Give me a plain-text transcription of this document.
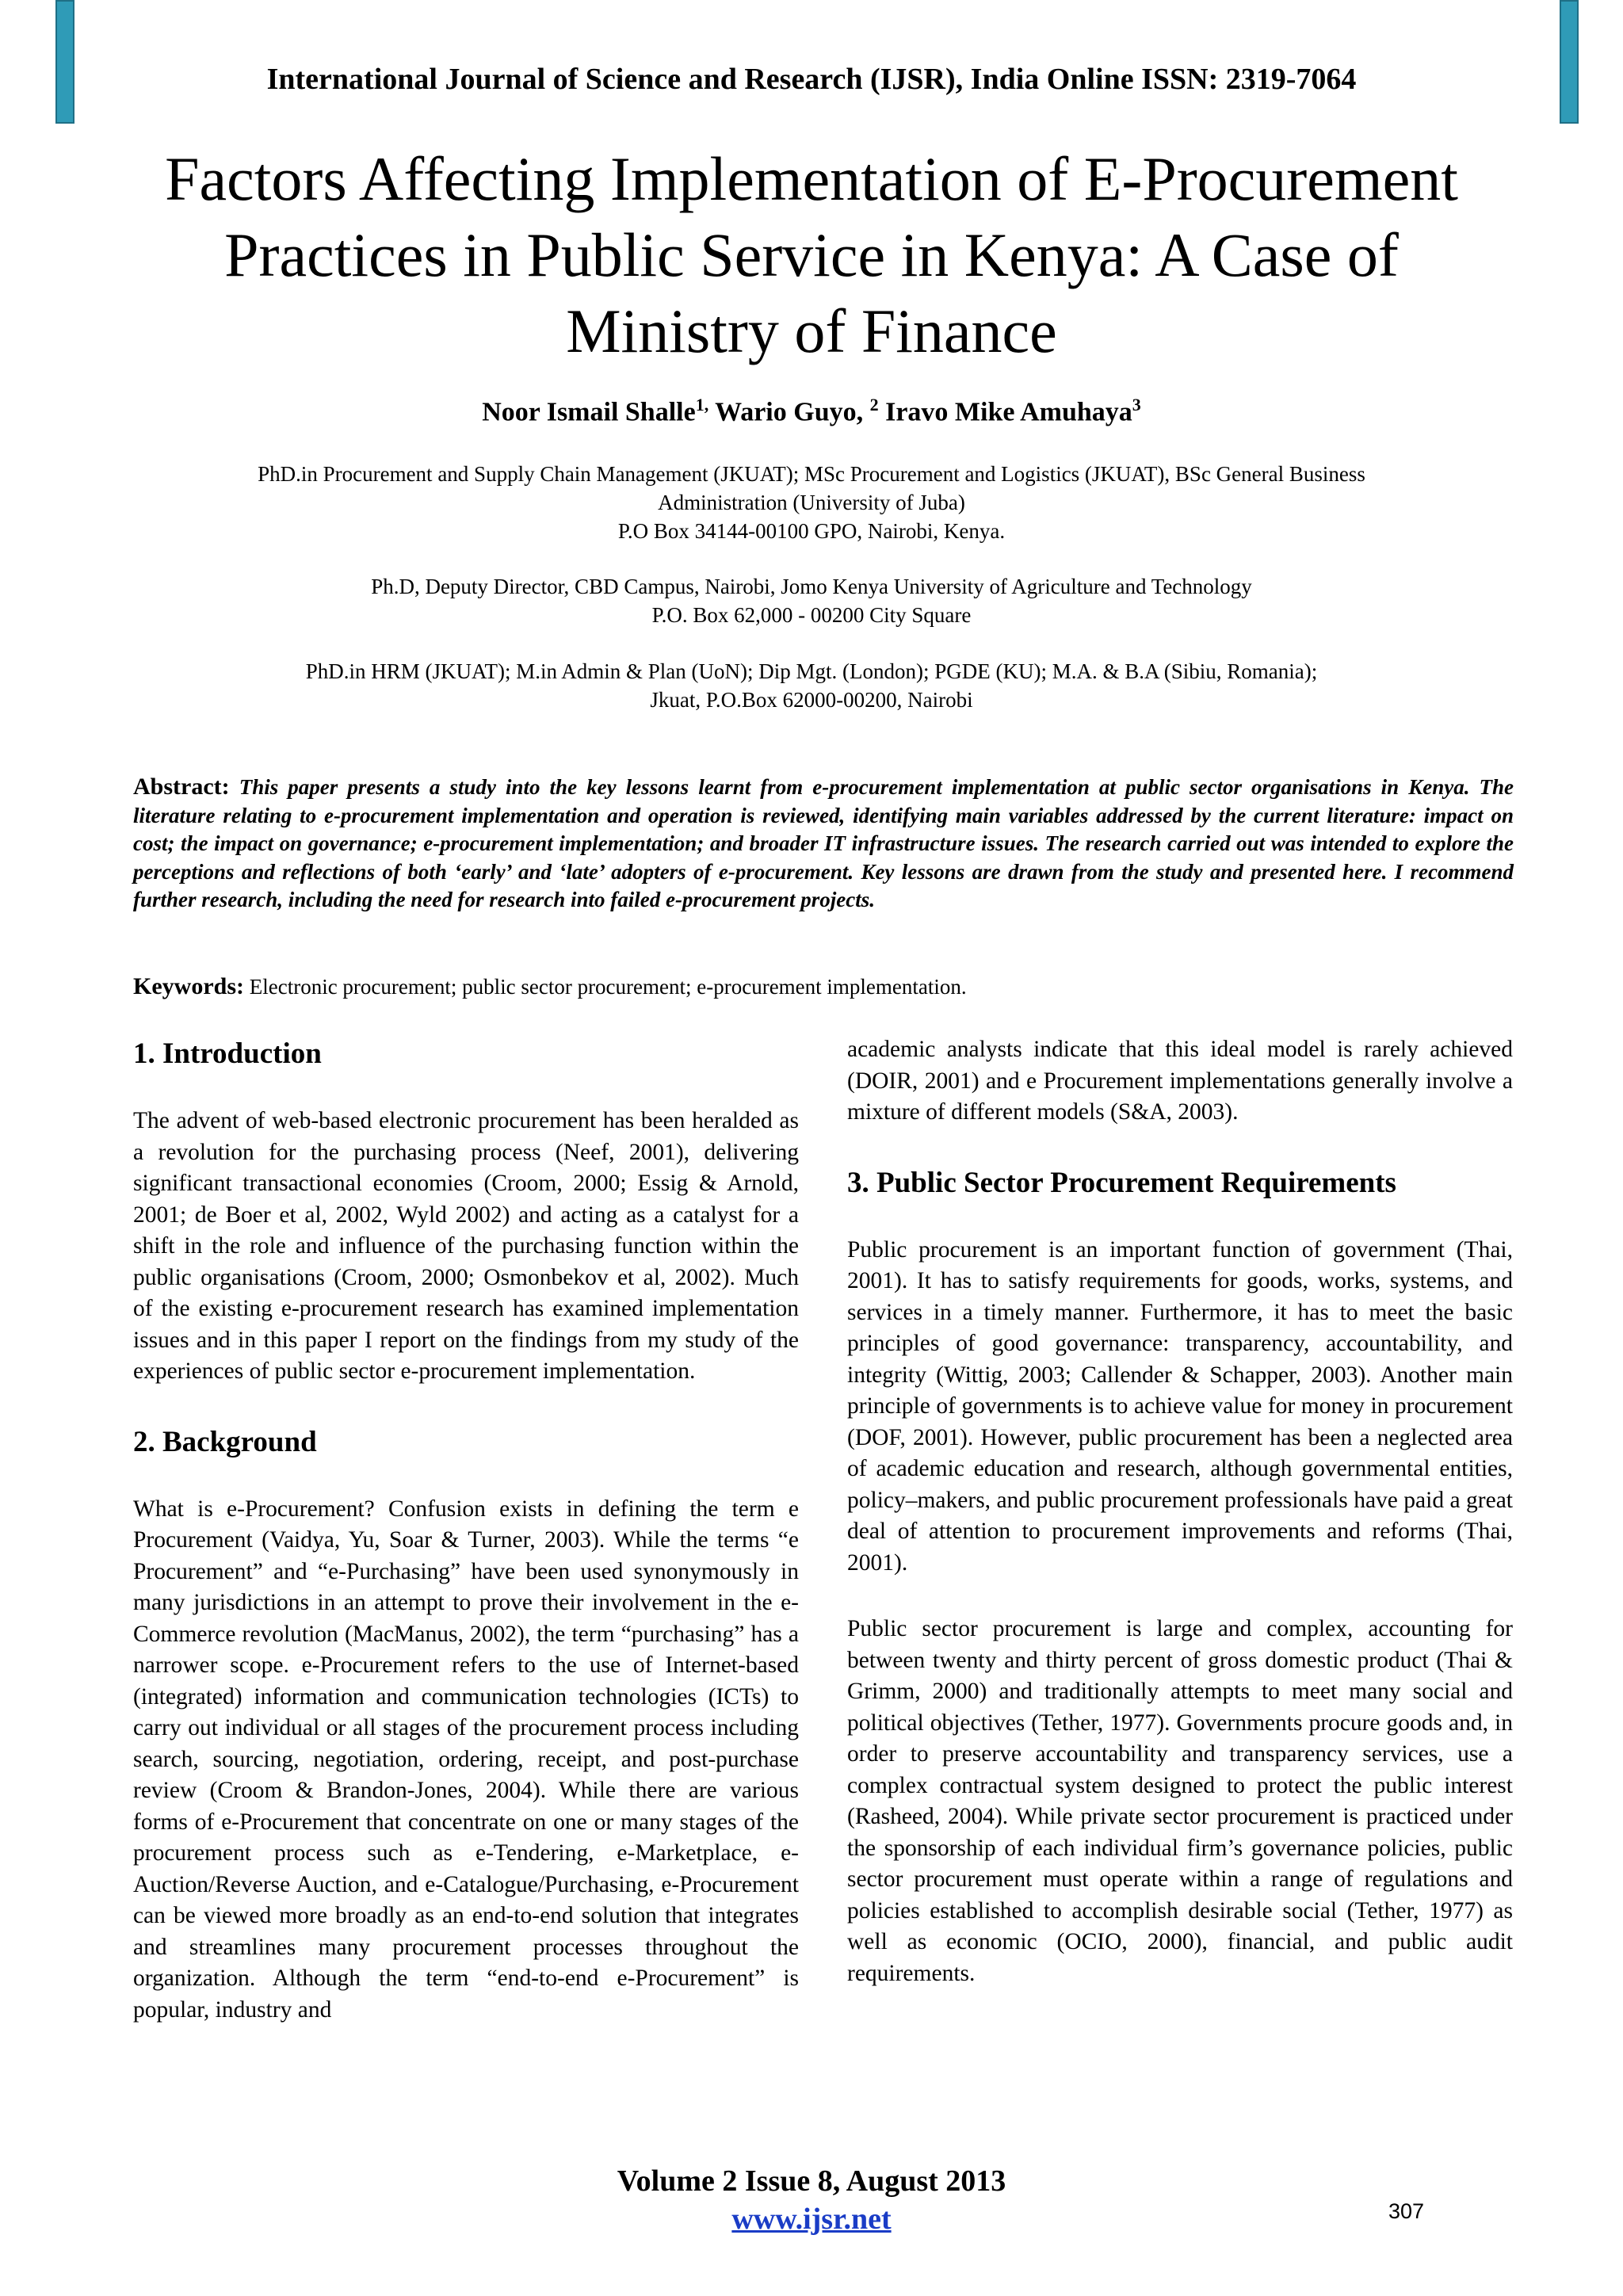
International Journal of Science and Research (IJSR), India Online ISSN: 2319-7064
Factors Affecting Implementation of E-Procurement
Practices in Public Service in Kenya: A Case of
Ministry of Finance
Noor Ismail Shalle$^{1,}$ Wario Guyo, $^2$ Iravo Mike Amuhaya$^3$
PhD.in Procurement and Supply Chain Management (JKUAT); MSc Procurement and Logistics (JKUAT), BSc General Business
Administration (University of Juba)
P.O Box 34144-00100 GPO, Nairobi, Kenya.
Ph.D, Deputy Director, CBD Campus, Nairobi, Jomo Kenya University of Agriculture and Technology
P.O. Box 62,000 - 00200 City Square
PhD.in HRM (JKUAT); M.in Admin & Plan (UoN); Dip Mgt. (London); PGDE (KU); M.A. & B.A (Sibiu, Romania);
Jkuat, P.O.Box 62000-00200, Nairobi
Abstract: This paper presents a study into the key lessons learnt from e-procurement implementation at public sector organisations in Kenya. The literature relating to e-procurement implementation and operation is reviewed, identifying main variables addressed by the current literature: impact on cost; the impact on governance; e-procurement implementation; and broader IT infrastructure issues. The research carried out was intended to explore the perceptions and reflections of both ‘early’ and ‘late’ adopters of e-procurement. Key lessons are drawn from the study and presented here. I recommend further research, including the need for research into failed e-procurement projects.
Keywords: Electronic procurement; public sector procurement; e-procurement implementation.
1. Introduction

The advent of web-based electronic procurement has been heralded as a revolution for the purchasing process (Neef, 2001), delivering significant transactional economies (Croom, 2000; Essig & Arnold, 2001; de Boer et al, 2002, Wyld 2002) and acting as a catalyst for a shift in the role and influence of the purchasing function within the public organisations (Croom, 2000; Osmonbekov et al, 2002). Much of the existing e-procurement research has examined implementation issues and in this paper I report on the findings from my study of the experiences of public sector e-procurement implementation.

2. Background

What is e-Procurement? Confusion exists in defining the term e Procurement (Vaidya, Yu, Soar & Turner, 2003). While the terms “e Procurement” and “e-Purchasing” have been used synonymously in many jurisdictions in an attempt to prove their involvement in the e-Commerce revolution (MacManus, 2002), the term “purchasing” has a narrower scope. e-Procurement refers to the use of Internet-based (integrated) information and communication technologies (ICTs) to carry out individual or all stages of the procurement process including search, sourcing, negotiation, ordering, receipt, and post-purchase review (Croom & Brandon-Jones, 2004). While there are various forms of e-Procurement that concentrate on one or many stages of the procurement process such as e-Tendering, e-Marketplace, e-Auction/Reverse Auction, and e-Catalogue/Purchasing, e-Procurement can be viewed more broadly as an end-to-end solution that integrates and streamlines many procurement processes throughout the organization. Although the term “end-to-end e-Procurement” is popular, industry and

academic analysts indicate that this ideal model is rarely achieved (DOIR, 2001) and e Procurement implementations generally involve a mixture of different models (S&A, 2003).

3. Public Sector Procurement Requirements

Public procurement is an important function of government (Thai, 2001). It has to satisfy requirements for goods, works, systems, and services in a timely manner. Furthermore, it has to meet the basic principles of good governance: transparency, accountability, and integrity (Wittig, 2003; Callender & Schapper, 2003). Another main principle of governments is to achieve value for money in procurement (DOF, 2001). However, public procurement has been a neglected area of academic education and research, although governmental entities, policy–makers, and public procurement professionals have paid a great deal of attention to procurement improvements and reforms (Thai, 2001).

Public sector procurement is large and complex, accounting for between twenty and thirty percent of gross domestic product (Thai & Grimm, 2000) and traditionally attempts to meet many social and political objectives (Tether, 1977). Governments procure goods and, in order to preserve accountability and transparency services, use a complex contractual system designed to protect the public interest (Rasheed, 2004). While private sector procurement is practiced under the sponsorship of each individual firm’s governance policies, public sector procurement must operate within a range of regulations and policies established to accomplish desirable social (Tether, 1977) as well as economic (OCIO, 2000), financial, and public audit requirements.

Volume 2 Issue 8, August 2013
www.ijsr.net	307
